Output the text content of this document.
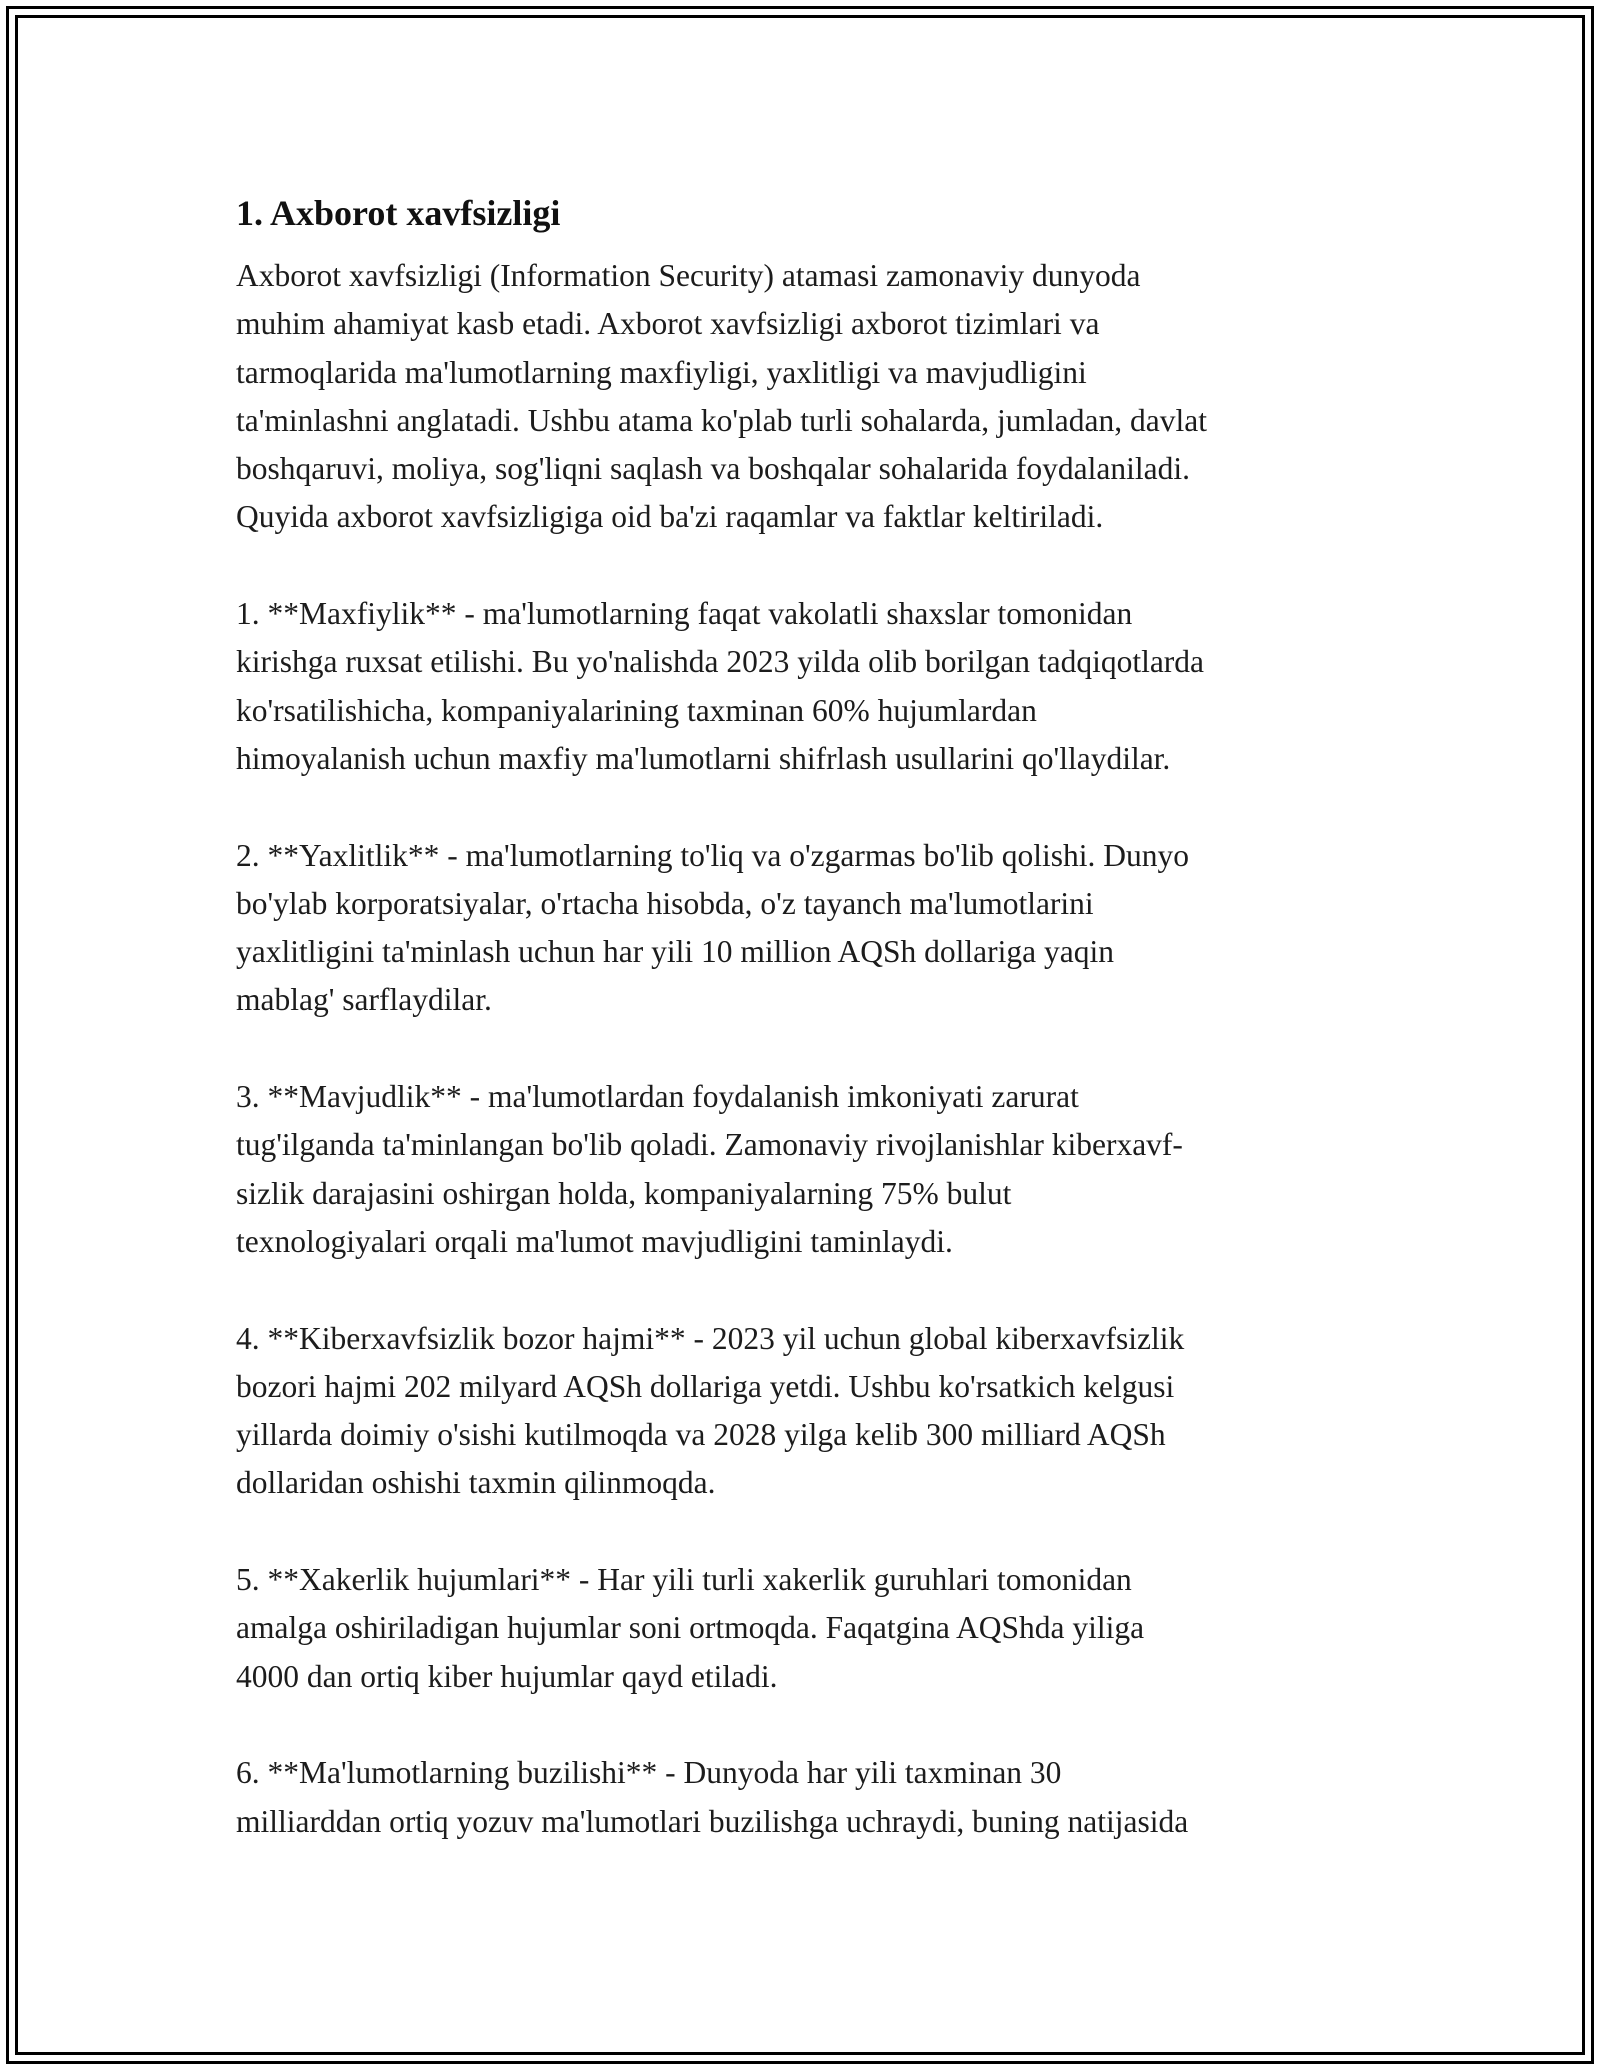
1. Axborot xavfsizligi

Axborot xavfsizligi (Information Security) atamasi zamonaviy dunyoda
muhim ahamiyat kasb etadi. Axborot xavfsizligi axborot tizimlari va
tarmoqlarida ma'lumotlarning maxfiyligi, yaxlitligi va mavjudligini
ta'minlashni anglatadi. Ushbu atama ko'plab turli sohalarda, jumladan, davlat
boshqaruvi, moliya, sog'liqni saqlash va boshqalar sohalarida foydalaniladi.
Quyida axborot xavfsizligiga oid ba'zi raqamlar va faktlar keltiriladi.

1. **Maxfiylik** - ma'lumotlarning faqat vakolatli shaxslar tomonidan
kirishga ruxsat etilishi. Bu yo'nalishda 2023 yilda olib borilgan tadqiqotlarda
ko'rsatilishicha, kompaniyalarining taxminan 60% hujumlardan
himoyalanish uchun maxfiy ma'lumotlarni shifrlash usullarini qo'llaydilar.

2. **Yaxlitlik** - ma'lumotlarning to'liq va o'zgarmas bo'lib qolishi. Dunyo
bo'ylab korporatsiyalar, o'rtacha hisobda, o'z tayanch ma'lumotlarini
yaxlitligini ta'minlash uchun har yili 10 million AQSh dollariga yaqin
mablag' sarflaydilar.

3. **Mavjudlik** - ma'lumotlardan foydalanish imkoniyati zarurat
tug'ilganda ta'minlangan bo'lib qoladi. Zamonaviy rivojlanishlar kiberxavf-
sizlik darajasini oshirgan holda, kompaniyalarning 75% bulut
texnologiyalari orqali ma'lumot mavjudligini taminlaydi.

4. **Kiberxavfsizlik bozor hajmi** - 2023 yil uchun global kiberxavfsizlik
bozori hajmi 202 milyard AQSh dollariga yetdi. Ushbu ko'rsatkich kelgusi
yillarda doimiy o'sishi kutilmoqda va 2028 yilga kelib 300 milliard AQSh
dollaridan oshishi taxmin qilinmoqda.

5. **Xakerlik hujumlari** - Har yili turli xakerlik guruhlari tomonidan
amalga oshiriladigan hujumlar soni ortmoqda. Faqatgina AQShda yiliga
4000 dan ortiq kiber hujumlar qayd etiladi.

6. **Ma'lumotlarning buzilishi** - Dunyoda har yili taxminan 30
milliarddan ortiq yozuv ma'lumotlari buzilishga uchraydi, buning natijasida
